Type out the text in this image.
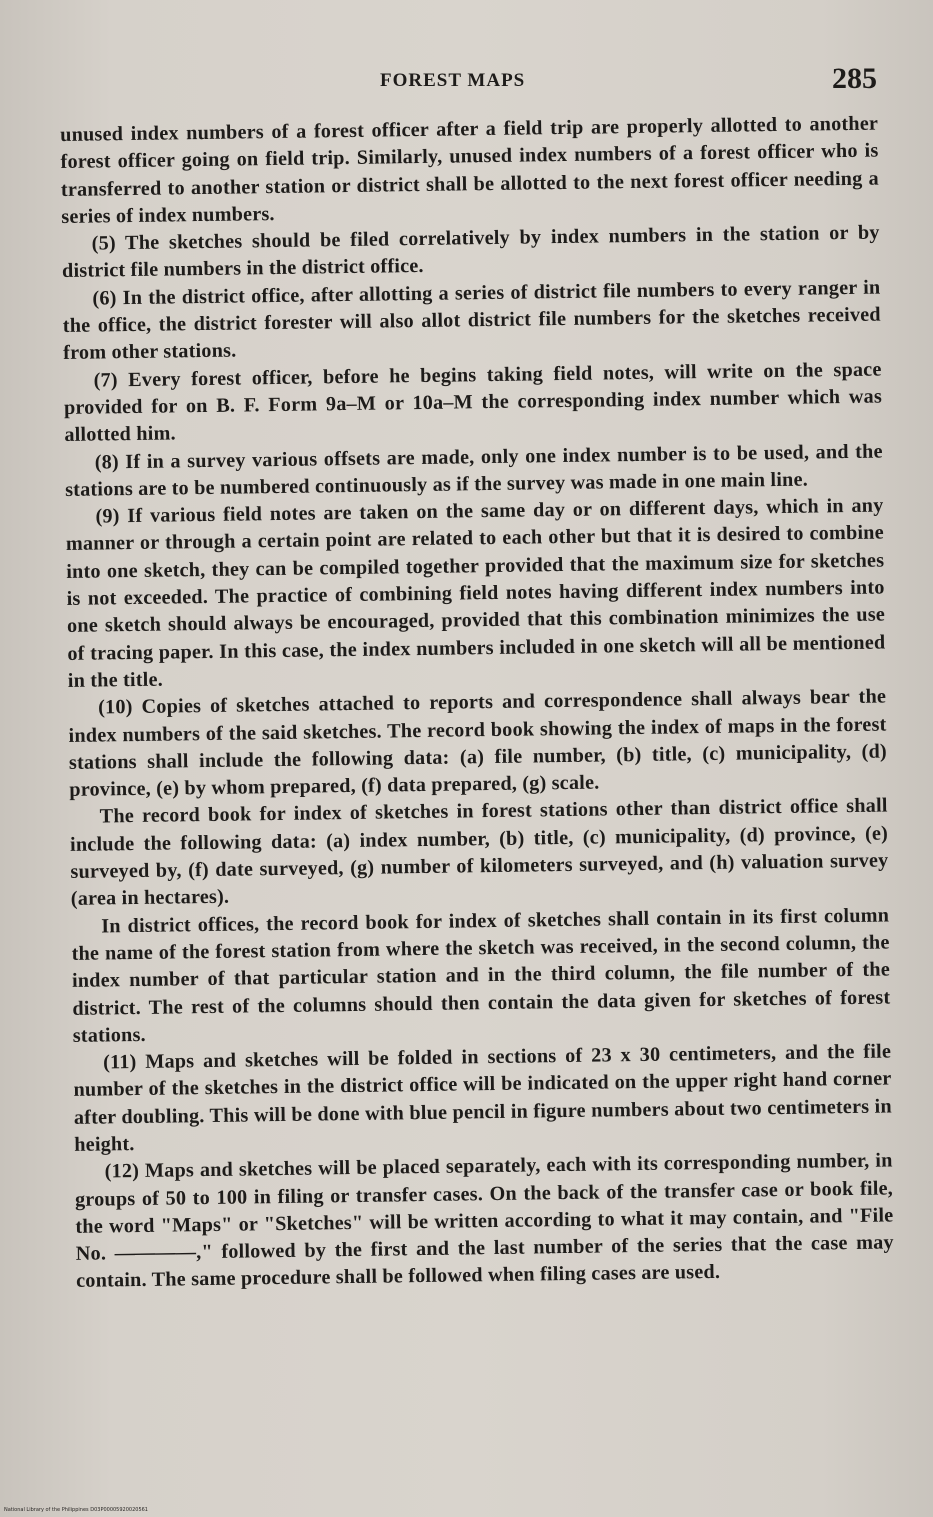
FOREST MAPS	285

unused index numbers of a forest officer after a field trip are properly allotted to another forest officer going on field trip. Similarly, unused index numbers of a forest officer who is transferred to another station or district shall be allotted to the next forest officer needing a series of index numbers.

(5) The sketches should be filed correlatively by index numbers in the station or by district file numbers in the district office.

(6) In the district office, after allotting a series of district file numbers to every ranger in the office, the district forester will also allot district file numbers for the sketches received from other stations.

(7) Every forest officer, before he begins taking field notes, will write on the space provided for on B. F. Form 9a–M or 10a–M the corresponding index number which was allotted him.

(8) If in a survey various offsets are made, only one index number is to be used, and the stations are to be numbered continuously as if the survey was made in one main line.

(9) If various field notes are taken on the same day or on different days, which in any manner or through a certain point are related to each other but that it is desired to combine into one sketch, they can be compiled together provided that the maximum size for sketches is not exceeded. The practice of combining field notes having different index numbers into one sketch should always be encouraged, provided that this combination minimizes the use of tracing paper. In this case, the index numbers included in one sketch will all be mentioned in the title.

(10) Copies of sketches attached to reports and correspondence shall always bear the index numbers of the said sketches. The record book showing the index of maps in the forest stations shall include the following data: (a) file number, (b) title, (c) municipality, (d) province, (e) by whom prepared, (f) data prepared, (g) scale.

The record book for index of sketches in forest stations other than district office shall include the following data: (a) index number, (b) title, (c) municipality, (d) province, (e) surveyed by, (f) date surveyed, (g) number of kilometers surveyed, and (h) valuation survey (area in hectares).

In district offices, the record book for index of sketches shall contain in its first column the name of the forest station from where the sketch was received, in the second column, the index number of that particular station and in the third column, the file number of the district. The rest of the columns should then contain the data given for sketches of forest stations.

(11) Maps and sketches will be folded in sections of 23 x 30 centimeters, and the file number of the sketches in the district office will be indicated on the upper right hand corner after doubling. This will be done with blue pencil in figure numbers about two centimeters in height.

(12) Maps and sketches will be placed separately, each with its corresponding number, in groups of 50 to 100 in filing or transfer cases. On the back of the transfer case or book file, the word "Maps" or "Sketches" will be written according to what it may contain, and "File No. ————," followed by the first and the last number of the series that the case may contain. The same procedure shall be followed when filing cases are used.

National Library of the Philippines D03P00005920020561
